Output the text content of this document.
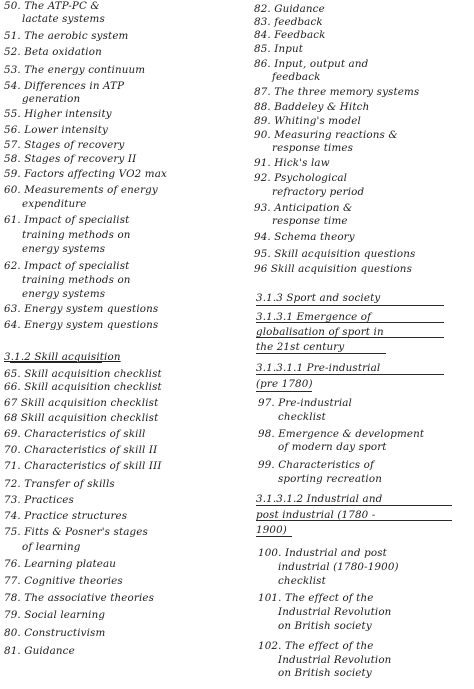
50. The ATP-PC &
lactate systems
51. The aerobic system
52. Beta oxidation
53. The energy continuum
54. Differences in ATP
generation
55. Higher intensity
56. Lower intensity
57. Stages of recovery
58. Stages of recovery II
59. Factors affecting VO2 max
60. Measurements of energy
expenditure
61. Impact of specialist
training methods on
energy systems
62. Impact of specialist
training methods on
energy systems
63. Energy system questions
64. Energy system questions
3.1.2 Skill acquisition
65. Skill acquisition checklist
66. Skill acquisition checklist
67 Skill acquisition checklist
68 Skill acquisition checklist
69. Characteristics of skill
70. Characteristics of skill II
71. Characteristics of skill III
72. Transfer of skills
73. Practices
74. Practice structures
75. Fitts & Posner's stages
of learning
76. Learning plateau
77. Cognitive theories
78. The associative theories
79. Social learning
80. Constructivism
81. Guidance
82. Guidance
83. feedback
84. Feedback
85. Input
86. Input, output and
feedback
87. The three memory systems
88. Baddeley & Hitch
89. Whiting's model
90. Measuring reactions &
response times
91. Hick's law
92. Psychological
refractory period
93. Anticipation &
response time
94. Schema theory
95. Skill acquisition questions
96 Skill acquisition questions
3.1.3 Sport and society
3.1.3.1 Emergence of
globalisation of sport in
the 21st century
3.1.3.1.1 Pre-industrial
(pre 1780)
97. Pre-industrial
checklist
98. Emergence & development
of modern day sport
99. Characteristics of
sporting recreation
3.1.3.1.2 Industrial and
post industrial (1780 -
1900)
100. Industrial and post
industrial (1780-1900)
checklist
101. The effect of the
Industrial Revolution
on British society
102. The effect of the
Industrial Revolution
on British society
